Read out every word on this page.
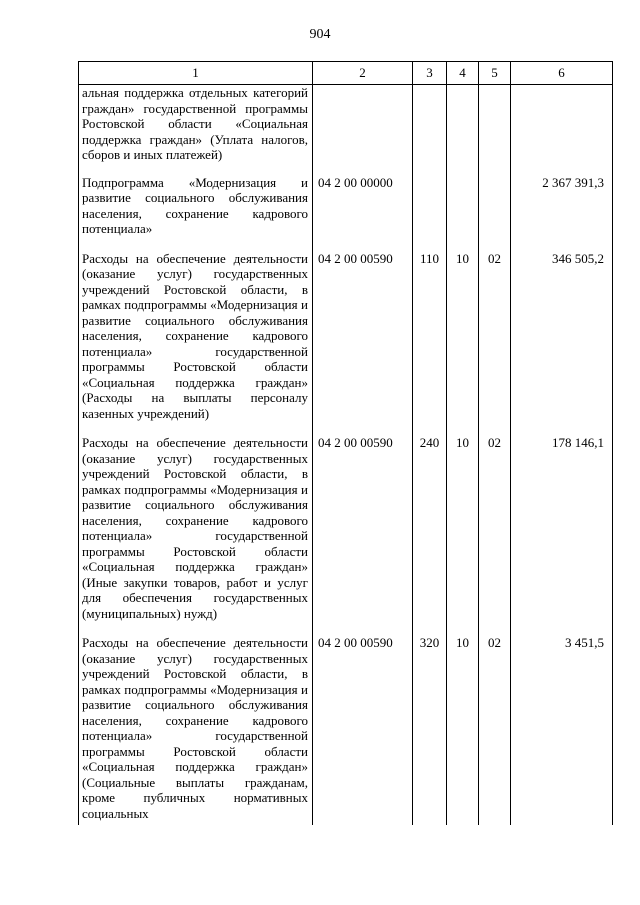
904
1	2	3	4	5	6
альная поддержка отдельных категорий граждан» государственной программы Ростовской области «Социальная поддержка граждан» (Уплата налогов, сборов и иных платежей)					
Подпрограмма «Модернизация и развитие социального обслуживания населения, сохранение кадрового потенциала»	04 2 00 00000				2 367 391,3
Расходы на обеспечение деятельности (оказание услуг) государственных учреждений Ростовской области, в рамках подпрограммы «Модернизация и развитие социального обслуживания населения, сохранение кадрового потенциала» государственной программы Ростовской области «Социальная поддержка граждан» (Расходы на выплаты персоналу казенных учреждений)	04 2 00 00590	110	10	02	346 505,2
Расходы на обеспечение деятельности (оказание услуг) государственных учреждений Ростовской области, в рамках подпрограммы «Модернизация и развитие социального обслуживания населения, сохранение кадрового потенциала» государственной программы Ростовской области «Социальная поддержка граждан» (Иные закупки товаров, работ и услуг для обеспечения государственных (муниципальных) нужд)	04 2 00 00590	240	10	02	178 146,1
Расходы на обеспечение деятельности (оказание услуг) государственных учреждений Ростовской области, в рамках подпрограммы «Модернизация и развитие социального обслуживания населения, сохранение кадрового потенциала» государственной программы Ростовской области «Социальная поддержка граждан» (Социальные выплаты гражданам, кроме публичных нормативных социальных	04 2 00 00590	320	10	02	3 451,5
